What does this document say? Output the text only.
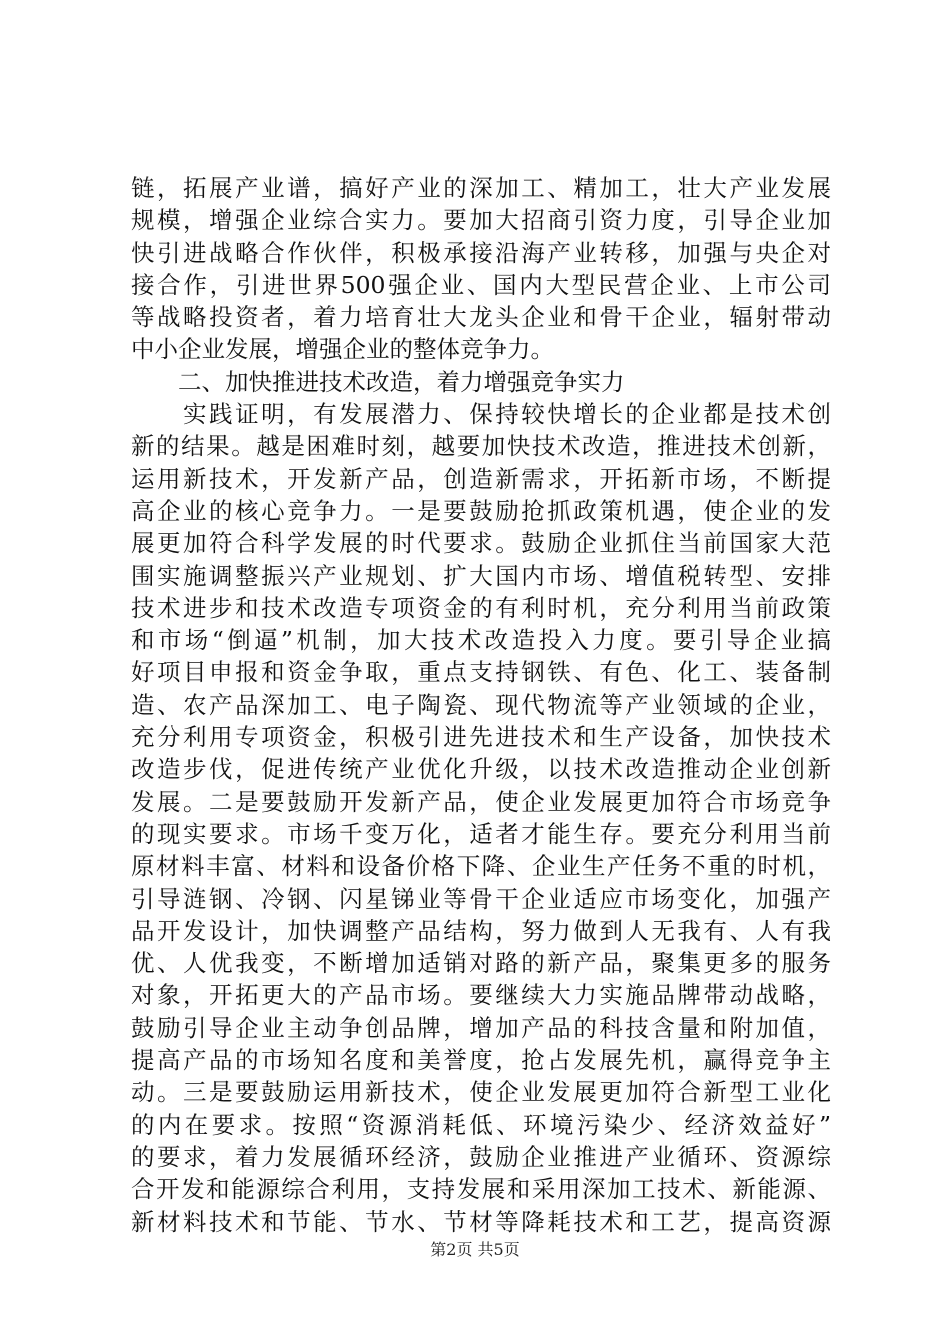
链，拓展产业谱，搞好产业的深加工、精加工，壮大产业发展
规模，增强企业综合实力。要加大招商引资力度，引导企业加
快引进战略合作伙伴，积极承接沿海产业转移，加强与央企对
接合作，引进世界500强企业、国内大型民营企业、上市公司
等战略投资者，着力培育壮大龙头企业和骨干企业，辐射带动
中小企业发展，增强企业的整体竞争力。
　　二、加快推进技术改造，着力增强竞争实力
　　实践证明，有发展潜力、保持较快增长的企业都是技术创
新的结果。越是困难时刻，越要加快技术改造，推进技术创新，
运用新技术，开发新产品，创造新需求，开拓新市场，不断提
高企业的核心竞争力。一是要鼓励抢抓政策机遇，使企业的发
展更加符合科学发展的时代要求。鼓励企业抓住当前国家大范
围实施调整振兴产业规划、扩大国内市场、增值税转型、安排
技术进步和技术改造专项资金的有利时机，充分利用当前政策
和市场“倒逼”机制，加大技术改造投入力度。要引导企业搞
好项目申报和资金争取，重点支持钢铁、有色、化工、装备制
造、农产品深加工、电子陶瓷、现代物流等产业领域的企业，
充分利用专项资金，积极引进先进技术和生产设备，加快技术
改造步伐，促进传统产业优化升级，以技术改造推动企业创新
发展。二是要鼓励开发新产品，使企业发展更加符合市场竞争
的现实要求。市场千变万化，适者才能生存。要充分利用当前
原材料丰富、材料和设备价格下降、企业生产任务不重的时机，
引导涟钢、冷钢、闪星锑业等骨干企业适应市场变化，加强产
品开发设计，加快调整产品结构，努力做到人无我有、人有我
优、人优我变，不断增加适销对路的新产品，聚集更多的服务
对象，开拓更大的产品市场。要继续大力实施品牌带动战略，
鼓励引导企业主动争创品牌，增加产品的科技含量和附加值，
提高产品的市场知名度和美誉度，抢占发展先机，赢得竞争主
动。三是要鼓励运用新技术，使企业发展更加符合新型工业化
的内在要求。按照“资源消耗低、环境污染少、经济效益好”
的要求，着力发展循环经济，鼓励企业推进产业循环、资源综
合开发和能源综合利用，支持发展和采用深加工技术、新能源、
新材料技术和节能、节水、节材等降耗技术和工艺，提高资源
第2页 共5页
